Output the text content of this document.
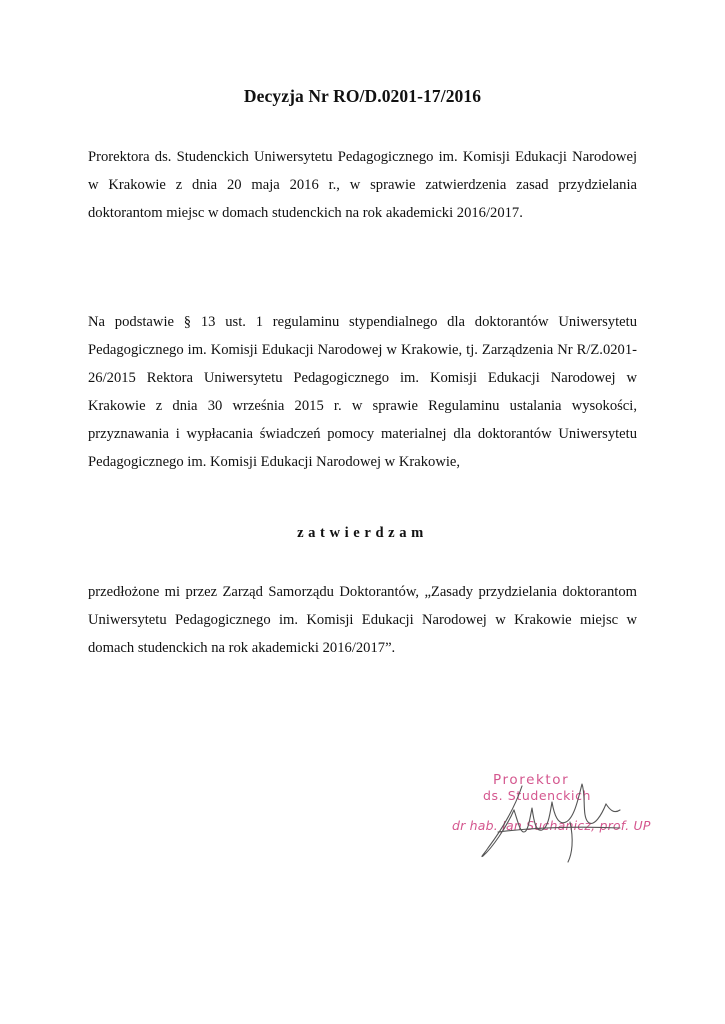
Decyzja Nr RO/D.0201-17/2016

Prorektora ds. Studenckich Uniwersytetu Pedagogicznego im. Komisji Edukacji Narodowej w Krakowie z dnia 20 maja 2016 r., w sprawie zatwierdzenia zasad przydzielania doktorantom miejsc w domach studenckich na rok akademicki 2016/2017.

Na podstawie § 13 ust. 1 regulaminu stypendialnego dla doktorantów Uniwersytetu Pedagogicznego im. Komisji Edukacji Narodowej w Krakowie, tj. Zarządzenia Nr R/Z.0201-26/2015 Rektora Uniwersytetu Pedagogicznego im. Komisji Edukacji Narodowej w Krakowie z dnia 30 września 2015 r. w sprawie Regulaminu ustalania wysokości, przyznawania i wypłacania świadczeń pomocy materialnej dla doktorantów Uniwersytetu Pedagogicznego im. Komisji Edukacji Narodowej w Krakowie,

zatwierdzam

przedłożone mi przez Zarząd Samorządu Doktorantów, „Zasady przydzielania doktorantom Uniwersytetu Pedagogicznego im. Komisji Edukacji Narodowej w Krakowie miejsc w domach studenckich na rok akademicki 2016/2017”.

Prorektor
ds. Studenckich
dr hab. Jan Suchanicz, prof. UP
